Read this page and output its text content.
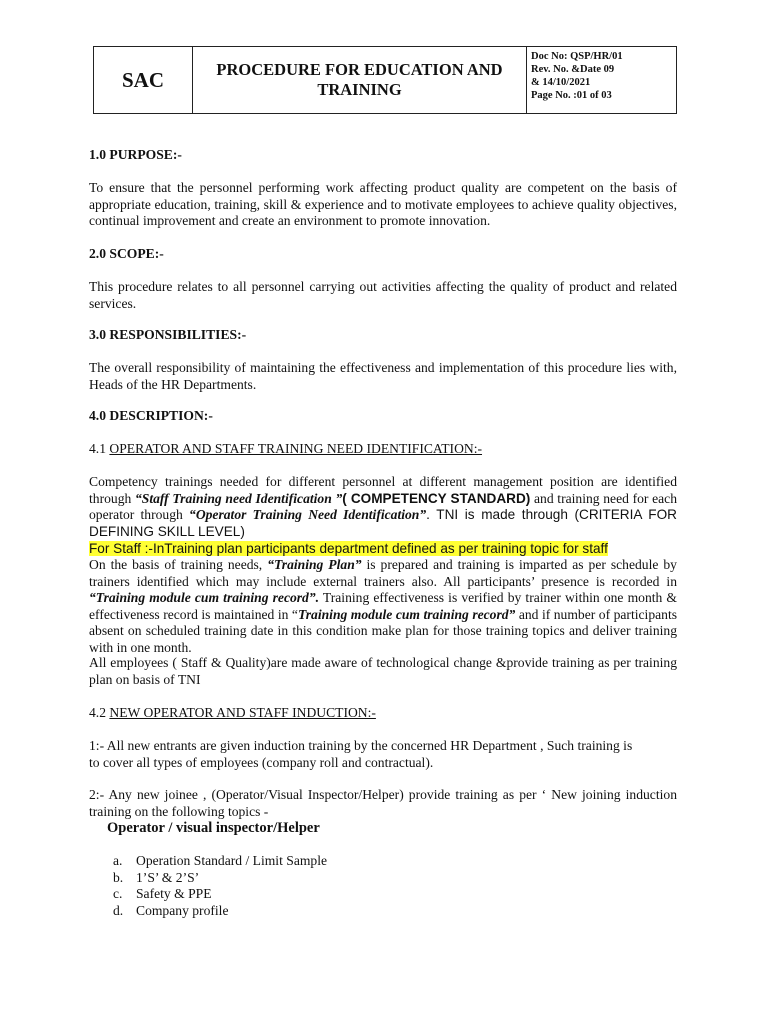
SAC	PROCEDURE FOR EDUCATION AND
TRAINING
Doc No: QSP/HR/01
Rev. No. &Date 09
& 14/10/2021
Page No. :01 of 03
1.0 PURPOSE:-
To ensure that the personnel performing work affecting product quality are competent on the basis of appropriate education, training, skill & experience and to motivate employees to achieve quality objectives, continual improvement and create an environment to promote innovation.
2.0 SCOPE:-
This procedure relates to all personnel carrying out activities affecting the quality of product and related services.
3.0 RESPONSIBILITIES:-
The overall responsibility of maintaining the effectiveness and implementation of this procedure lies with, Heads of the HR Departments.
4.0 DESCRIPTION:-
4.1 OPERATOR AND STAFF TRAINING NEED IDENTIFICATION:-
Competency trainings needed for different personnel at different management position are identified through “Staff Training need Identification ”( COMPETENCY STANDARD) and training need for each operator through “Operator Training Need Identification”. TNI is made through (CRITERIA FOR DEFINING SKILL LEVEL)
For Staff :-InTraining plan participants department defined as per training topic for staff
On the basis of training needs, “Training Plan” is prepared and training is imparted as per schedule by trainers identified which may include external trainers also. All participants’ presence is recorded in “Training module cum training record”. Training effectiveness is verified by trainer within one month & effectiveness record is maintained in “Training module cum training record” and if number of participants absent on scheduled training date in this condition make plan for those training topics and deliver training with in one month.
All employees ( Staff & Quality)are made aware of technological change &provide training as per training plan on basis of TNI
4.2 NEW OPERATOR AND STAFF INDUCTION:-
1:- All new entrants are given induction training by the concerned HR Department , Such training is
to cover all types of employees (company roll and contractual).
2:- Any new joinee , (Operator/Visual Inspector/Helper) provide training as per ‘ New joining induction training on the following topics -
Operator / visual inspector/Helper
a. Operation Standard / Limit Sample
b. 1’S’ & 2’S’
c. Safety & PPE
d. Company profile
